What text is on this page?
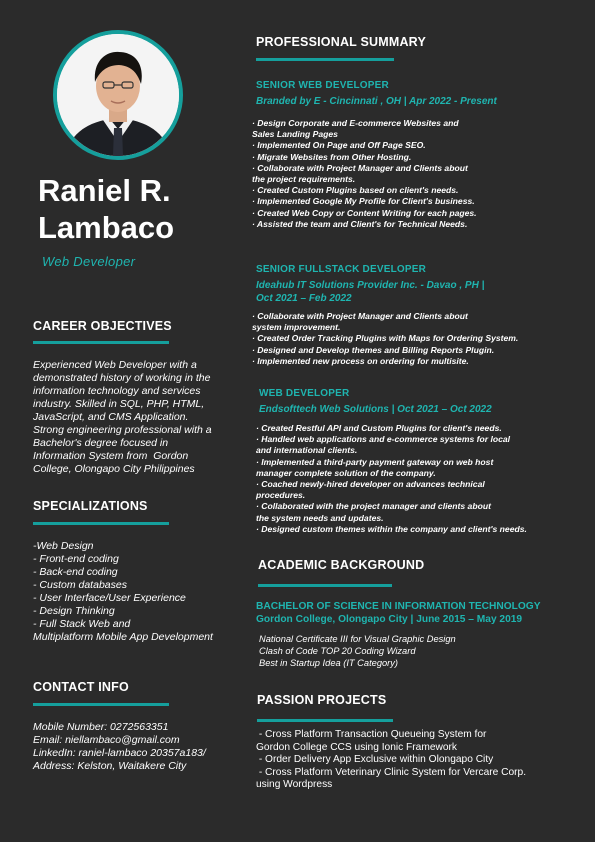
Raniel R.
Lambaco
Web Developer
CAREER OBJECTIVES
Experienced Web Developer with a
demonstrated history of working in the
information technology and services
industry. Skilled in SQL, PHP, HTML,
JavaScript, and CMS Application.
Strong engineering professional with a
Bachelor's degree focused in
Information System from  Gordon
College, Olongapo City Philippines
SPECIALIZATIONS
-Web Design
- Front-end coding
- Back-end coding
- Custom databases
- User Interface/User Experience
- Design Thinking
- Full Stack Web and
Multiplatform Mobile App Development
CONTACT INFO
Mobile Number: 0272563351
Email: niellambaco@gmail.com
LinkedIn: raniel-lambaco 20357a183/
Address: Kelston, Waitakere City
PROFESSIONAL SUMMARY
SENIOR WEB DEVELOPER
Branded by E - Cincinnati , OH | Apr 2022 - Present
· Design Corporate and E-commerce Websites and
Sales Landing Pages
· Implemented On Page and Off Page SEO.
· Migrate Websites from Other Hosting.
· Collaborate with Project Manager and Clients about
the project requirements.
· Created Custom Plugins based on client's needs.
· Implemented Google My Profile for Client's business.
· Created Web Copy or Content Writing for each pages.
· Assisted the team and Client's for Technical Needs.
SENIOR FULLSTACK DEVELOPER
Ideahub IT Solutions Provider Inc. - Davao , PH |
Oct 2021 – Feb 2022
· Collaborate with Project Manager and Clients about
system improvement.
· Created Order Tracking Plugins with Maps for Ordering System.
· Designed and Develop themes and Billing Reports Plugin.
· Implemented new process on ordering for multisite.
WEB DEVELOPER
Endsofttech Web Solutions | Oct 2021 – Oct 2022
· Created Restful API and Custom Plugins for client's needs.
· Handled web applications and e-commerce systems for local
and international clients.
· Implemented a third-party payment gateway on web host
manager complete solution of the company.
· Coached newly-hired developer on advances technical
procedures.
· Collaborated with the project manager and clients about
the system needs and updates.
· Designed custom themes within the company and client's needs.
ACADEMIC BACKGROUND
BACHELOR OF SCIENCE IN INFORMATION TECHNOLOGY
Gordon College, Olongapo City | June 2015 – May 2019
National Certificate III for Visual Graphic Design
Clash of Code TOP 20 Coding Wizard
Best in Startup Idea (IT Category)
PASSION PROJECTS
- Cross Platform Transaction Queueing System for
Gordon College CCS using Ionic Framework
- Order Delivery App Exclusive within Olongapo City
- Cross Platform Veterinary Clinic System for Vercare Corp.
using Wordpress
